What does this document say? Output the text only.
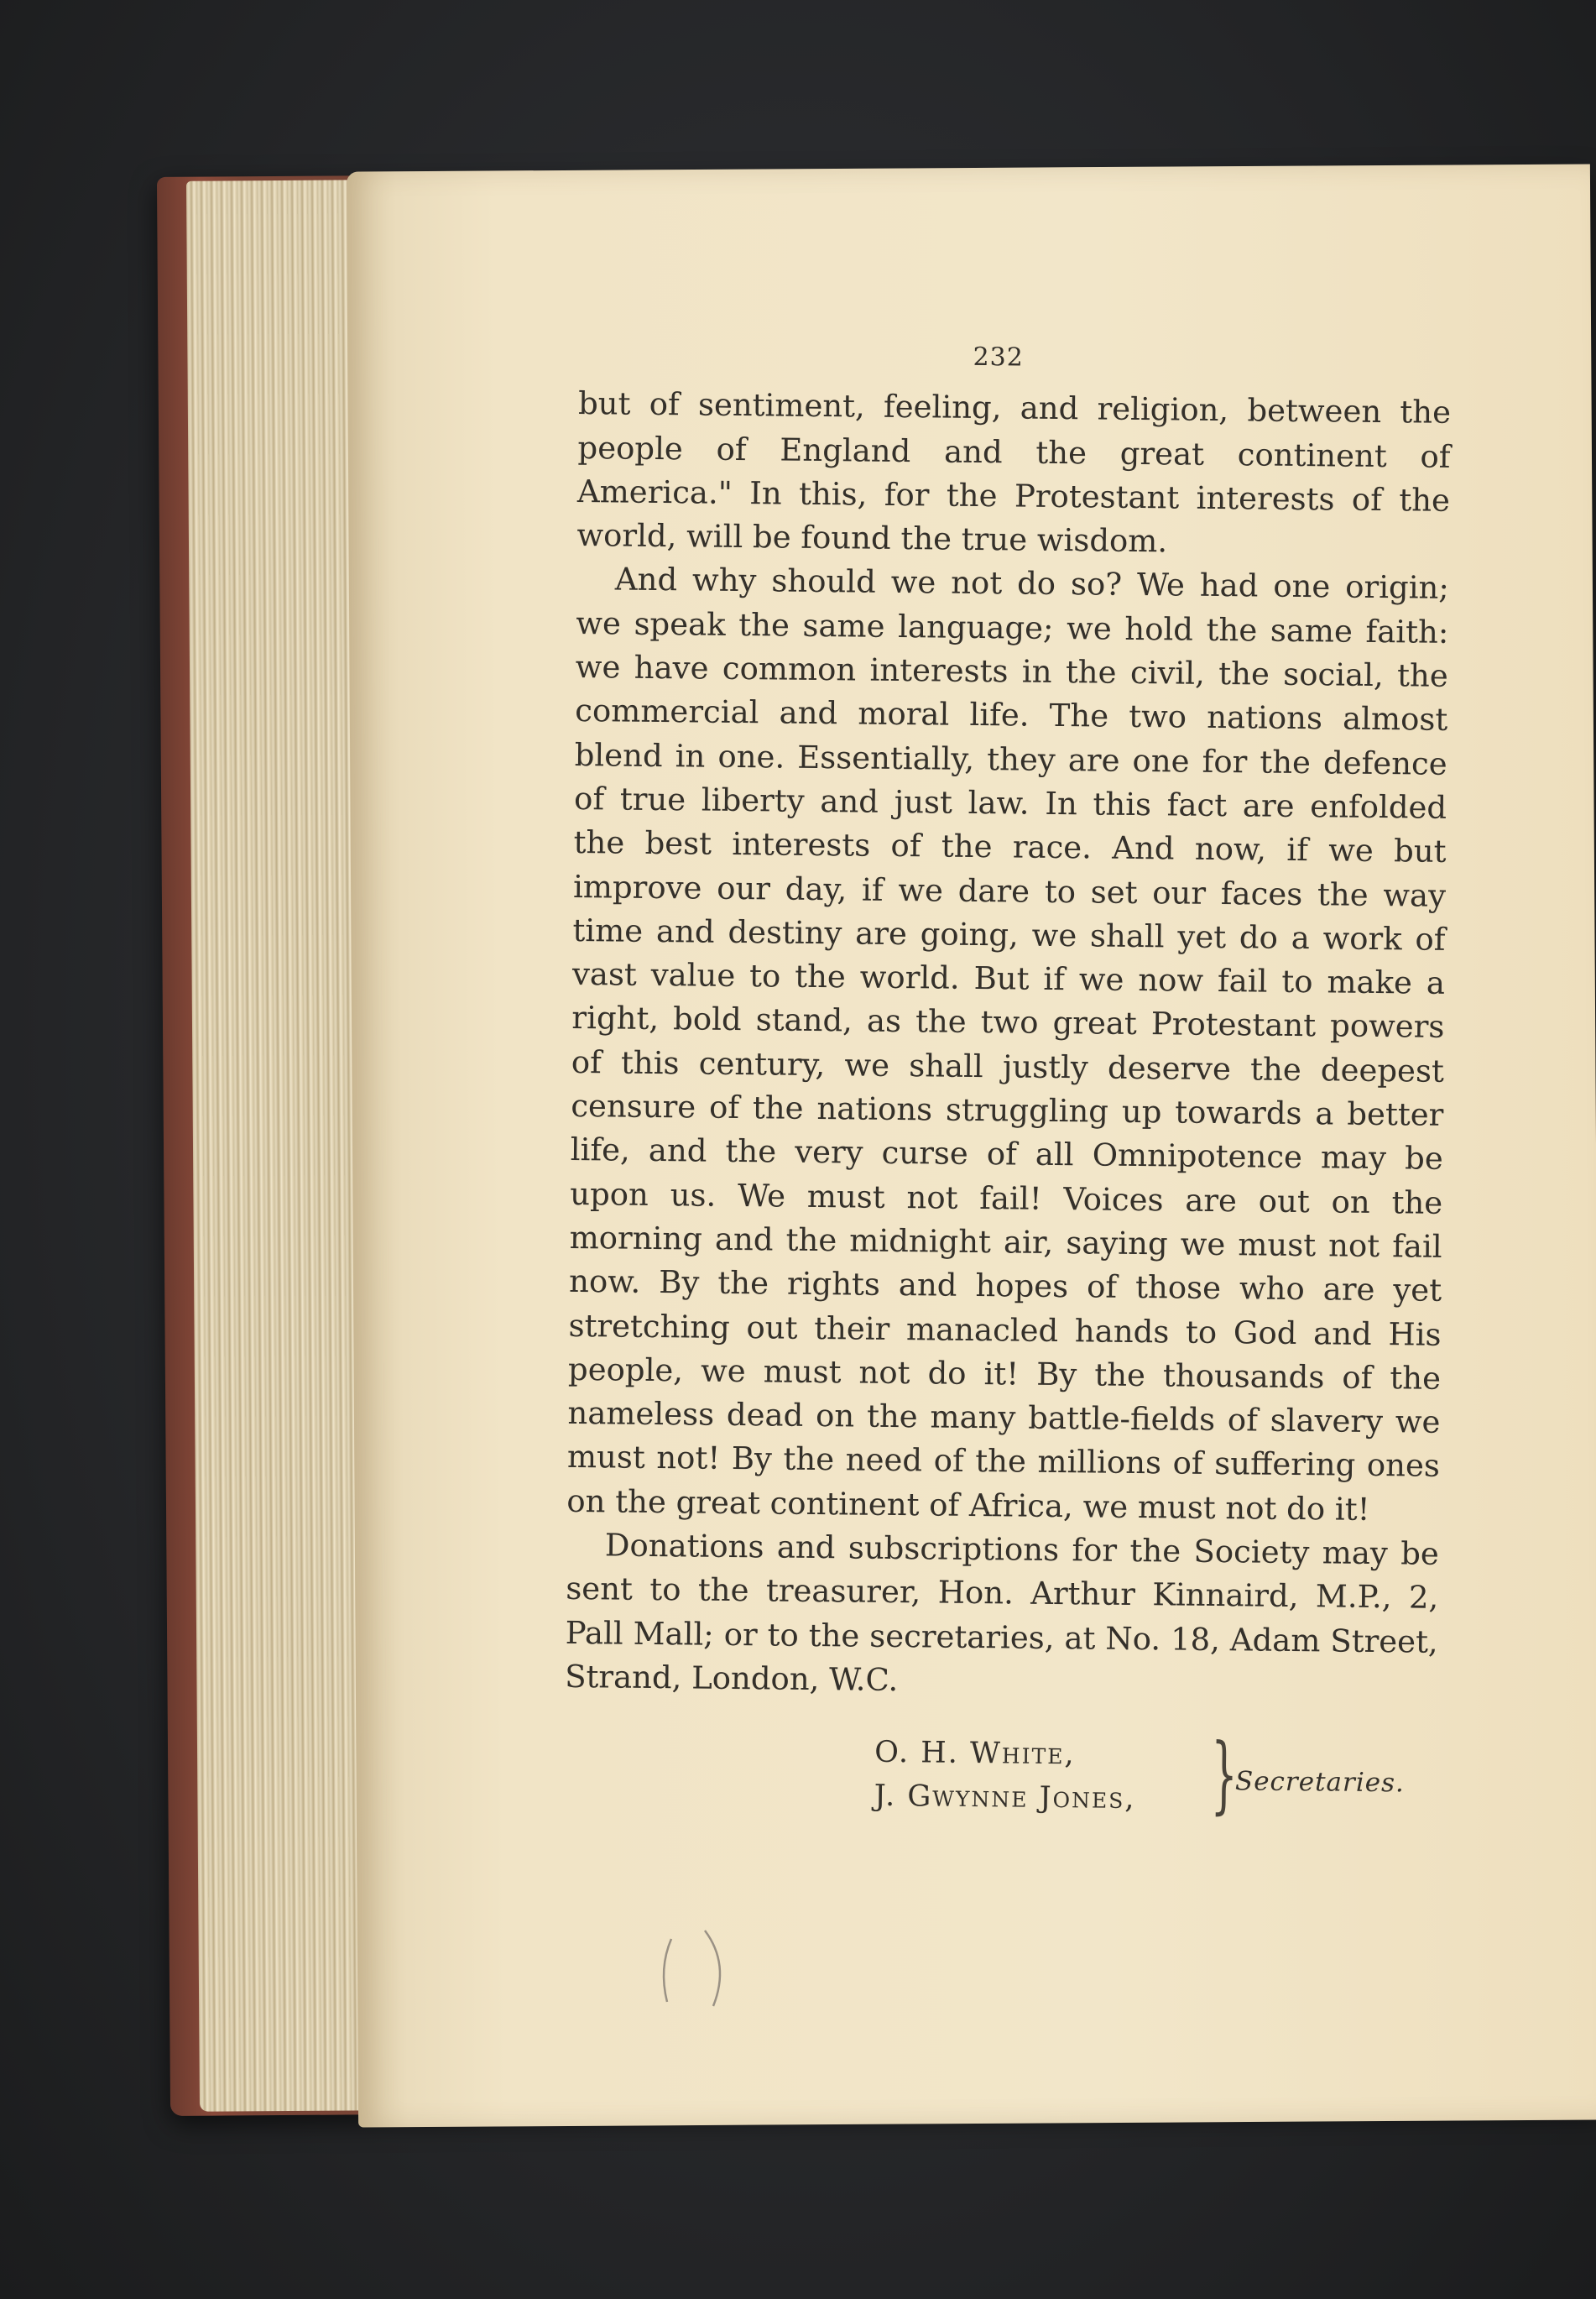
232

but of sentiment, feeling, and religion, between the people of England and the great continent of America." In this, for the Protestant interests of the world, will be found the true wisdom.

And why should we not do so? We had one origin; we speak the same language; we hold the same faith: we have common interests in the civil, the social, the commercial and moral life. The two nations almost blend in one. Essentially, they are one for the defence of true liberty and just law. In this fact are enfolded the best interests of the race. And now, if we but improve our day, if we dare to set our faces the way time and destiny are going, we shall yet do a work of vast value to the world. But if we now fail to make a right, bold stand, as the two great Protestant powers of this century, we shall justly deserve the deepest censure of the nations struggling up towards a better life, and the very curse of all Omnipotence may be upon us. We must not fail! Voices are out on the morning and the midnight air, saying we must not fail now. By the rights and hopes of those who are yet stretching out their manacled hands to God and His people, we must not do it! By the thousands of the nameless dead on the many battle-fields of slavery we must not! By the need of the millions of suffering ones on the great continent of Africa, we must not do it!

Donations and subscriptions for the Society may be sent to the treasurer, Hon. Arthur Kinnaird, M.P., 2, Pall Mall; or to the secretaries, at No. 18, Adam Street, Strand, London, W.C.

O. H. White,
J. Gwynne Jones, }
Secretaries.
